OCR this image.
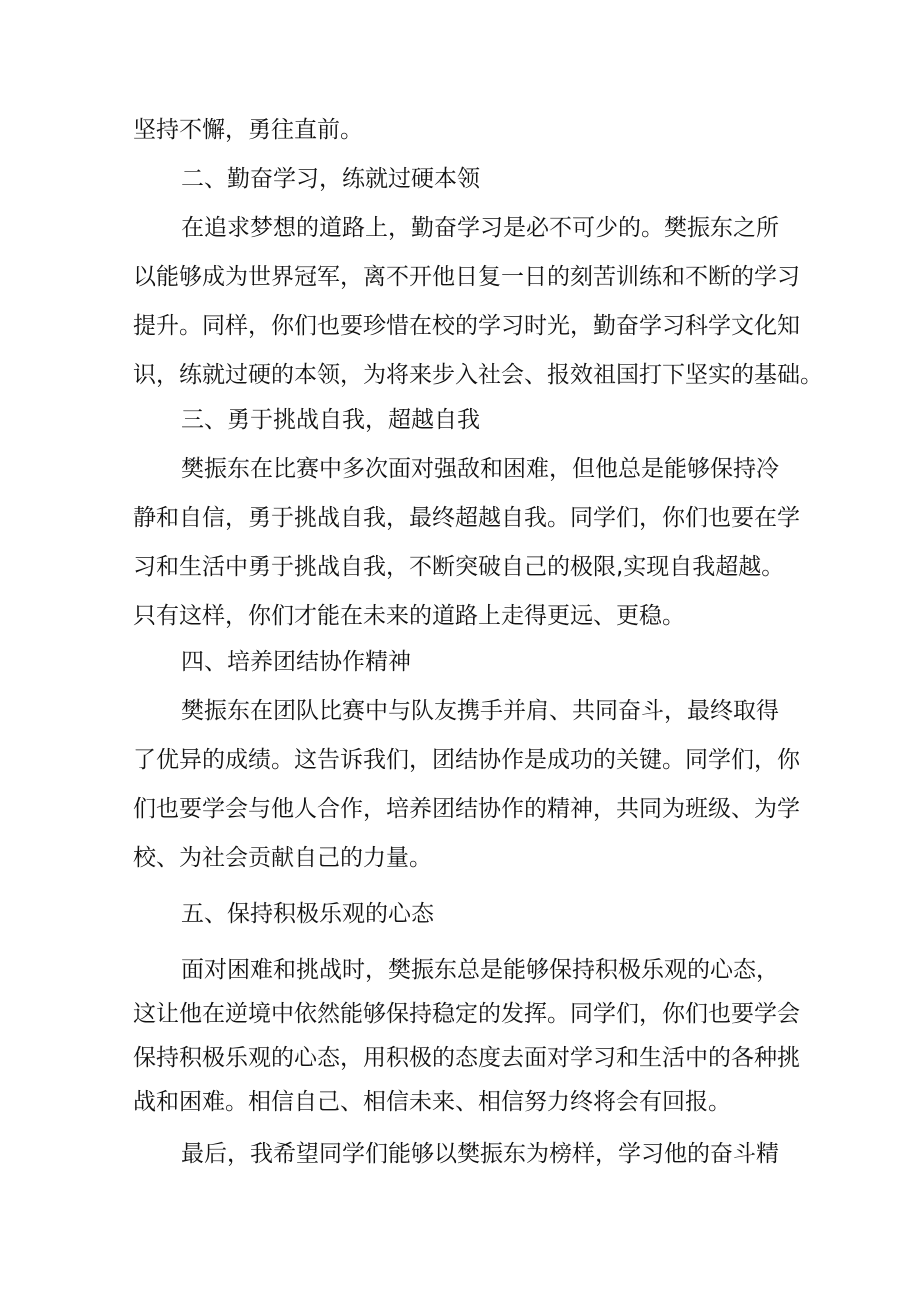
坚持不懈，勇往直前。
二、勤奋学习，练就过硬本领
在追求梦想的道路上，勤奋学习是必不可少的。樊振东之所
以能够成为世界冠军，离不开他日复一日的刻苦训练和不断的学习
提升。同样，你们也要珍惜在校的学习时光，勤奋学习科学文化知
识，练就过硬的本领，为将来步入社会、报效祖国打下坚实的基础。
三、勇于挑战自我，超越自我
樊振东在比赛中多次面对强敌和困难，但他总是能够保持冷
静和自信，勇于挑战自我，最终超越自我。同学们，你们也要在学
习和生活中勇于挑战自我，不断突破自己的极限,实现自我超越。
只有这样，你们才能在未来的道路上走得更远、更稳。
四、培养团结协作精神
樊振东在团队比赛中与队友携手并肩、共同奋斗，最终取得
了优异的成绩。这告诉我们，团结协作是成功的关键。同学们，你
们也要学会与他人合作，培养团结协作的精神，共同为班级、为学
校、为社会贡献自己的力量。
五、保持积极乐观的心态
面对困难和挑战时，樊振东总是能够保持积极乐观的心态，
这让他在逆境中依然能够保持稳定的发挥。同学们，你们也要学会
保持积极乐观的心态，用积极的态度去面对学习和生活中的各种挑
战和困难。相信自己、相信未来、相信努力终将会有回报。
最后，我希望同学们能够以樊振东为榜样，学习他的奋斗精
